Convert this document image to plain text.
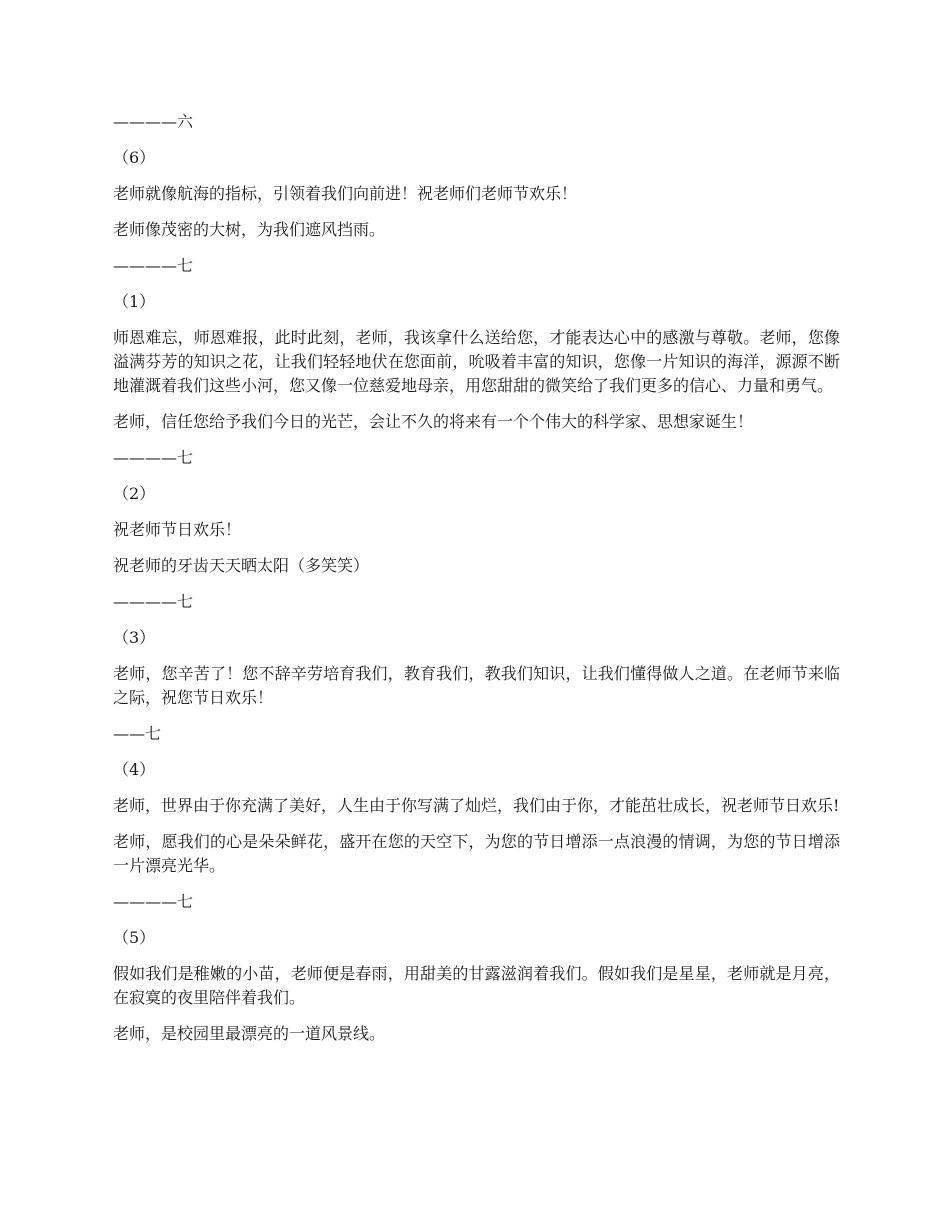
————六

（6）

老师就像航海的指标，引领着我们向前进！祝老师们老师节欢乐！

老师像茂密的大树，为我们遮风挡雨。

————七

（1）

师恩难忘，师恩难报，此时此刻，老师，我该拿什么送给您，才能表达心中的感激与尊敬。老师，您像溢满芬芳的知识之花，让我们轻轻地伏在您面前，吮吸着丰富的知识，您像一片知识的海洋，源源不断地灌溉着我们这些小河，您又像一位慈爱地母亲，用您甜甜的微笑给了我们更多的信心、力量和勇气。

老师，信任您给予我们今日的光芒，会让不久的将来有一个个伟大的科学家、思想家诞生！

————七

（2）

祝老师节日欢乐！

祝老师的牙齿天天晒太阳（多笑笑）

————七

（3）

老师，您辛苦了！您不辞辛劳培育我们，教育我们，教我们知识，让我们懂得做人之道。在老师节来临之际，祝您节日欢乐！

——七

（4）

老师，世界由于你充满了美好，人生由于你写满了灿烂，我们由于你，才能茁壮成长，祝老师节日欢乐!

老师，愿我们的心是朵朵鲜花，盛开在您的天空下，为您的节日增添一点浪漫的情调，为您的节日增添一片漂亮光华。

————七

（5）

假如我们是稚嫩的小苗，老师便是春雨，用甜美的甘露滋润着我们。假如我们是星星，老师就是月亮，在寂寞的夜里陪伴着我们。

老师，是校园里最漂亮的一道风景线。
